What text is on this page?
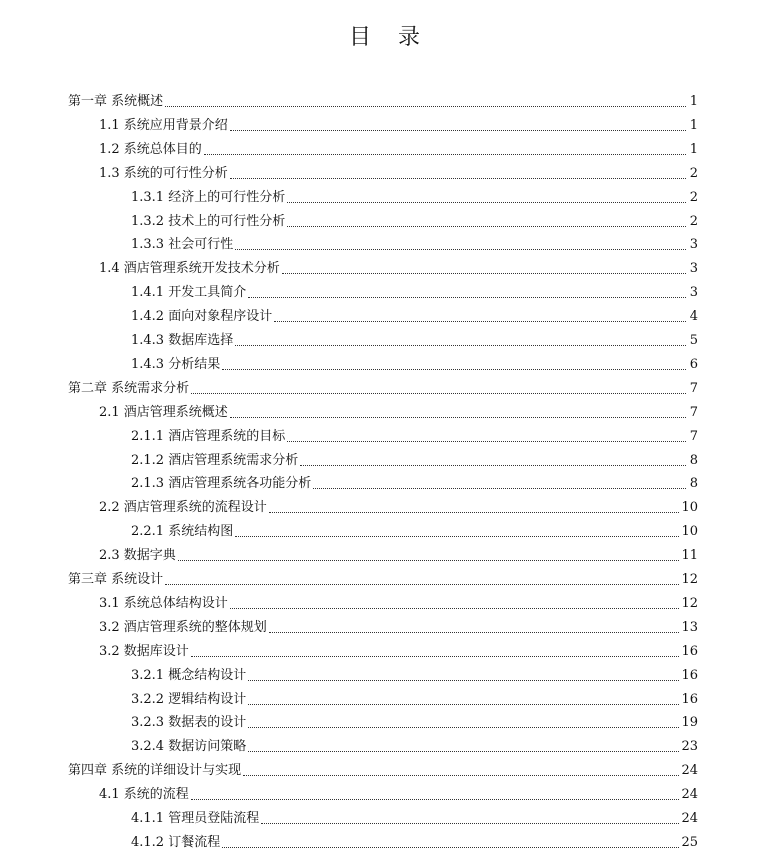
目 录
第一章 系统概述	1
1.1 系统应用背景介绍	1
1.2 系统总体目的	1
1.3 系统的可行性分析	2
1.3.1 经济上的可行性分析	2
1.3.2 技术上的可行性分析	2
1.3.3 社会可行性	3
1.4 酒店管理系统开发技术分析	3
1.4.1 开发工具简介	3
1.4.2 面向对象程序设计	4
1.4.3 数据库选择	5
1.4.3 分析结果	6
第二章 系统需求分析	7
2.1 酒店管理系统概述	7
2.1.1 酒店管理系统的目标	7
2.1.2 酒店管理系统需求分析	8
2.1.3 酒店管理系统各功能分析	8
2.2 酒店管理系统的流程设计	10
2.2.1 系统结构图	10
2.3 数据字典	11
第三章 系统设计	12
3.1 系统总体结构设计	12
3.2 酒店管理系统的整体规划	13
3.2 数据库设计	16
3.2.1 概念结构设计	16
3.2.2 逻辑结构设计	16
3.2.3 数据表的设计	19
3.2.4 数据访问策略	23
第四章 系统的详细设计与实现	24
4.1 系统的流程	24
4.1.1 管理员登陆流程	24
4.1.2 订餐流程	25
